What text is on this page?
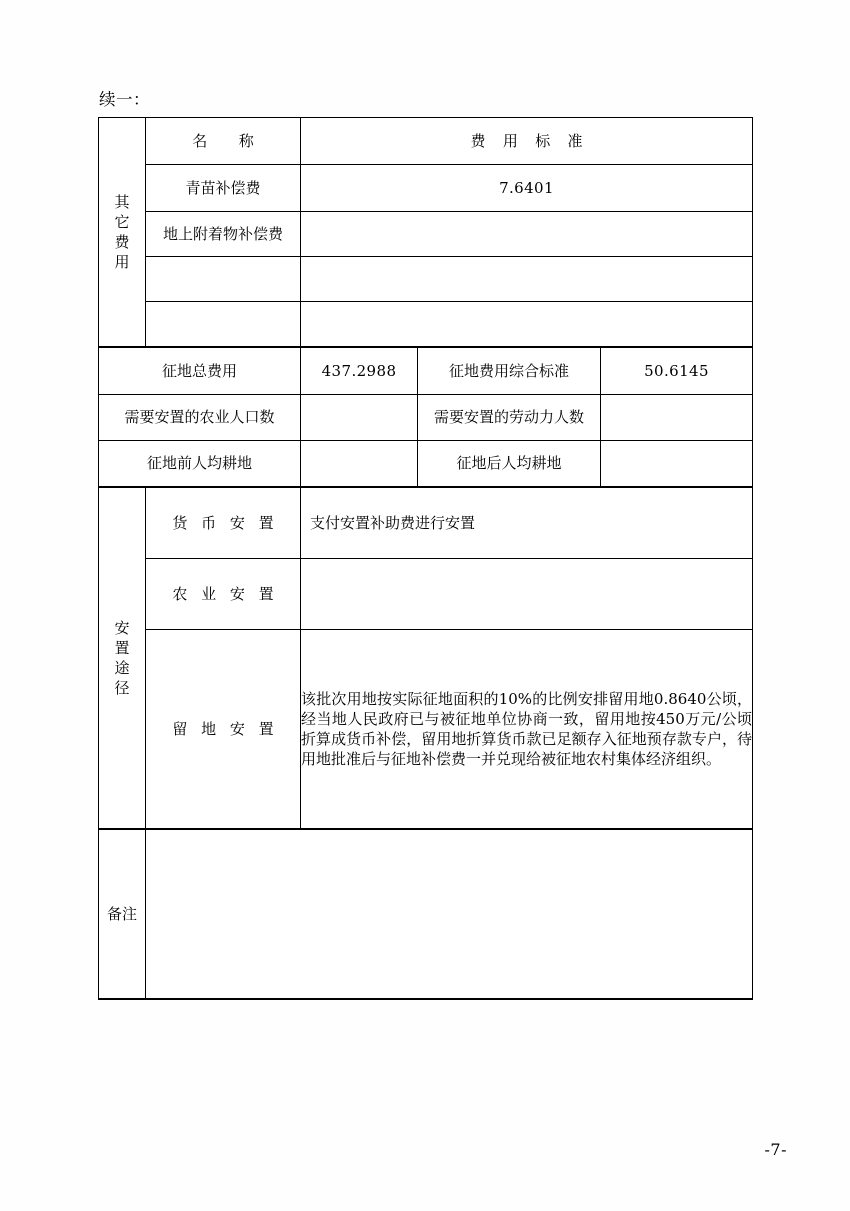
续一：
其
它
费
用	名　称	费 用 标 准		
	青苗补偿费	7.6401		
	地上附着物补偿费			

征地总费用		437.2988	征地费用综合标准	50.6145
需要安置的农业人口数			需要安置的劳动力人数	
征地前人均耕地			征地后人均耕地	

安
置
途
径	货 币 安 置	支付安置补助费进行安置		
	农 业 安 置			
	留 地 安 置	该批次用地按实际征地面积的10%的比例安排留用地0.8640公顷，经当地人民政府已与被征地单位协商一致，留用地按450万元/公顷折算成货币补偿，留用地折算货币款已足额存入征地预存款专户，待用地批准后与征地补偿费一并兑现给被征地农村集体经济组织。		

备注				

-7-
